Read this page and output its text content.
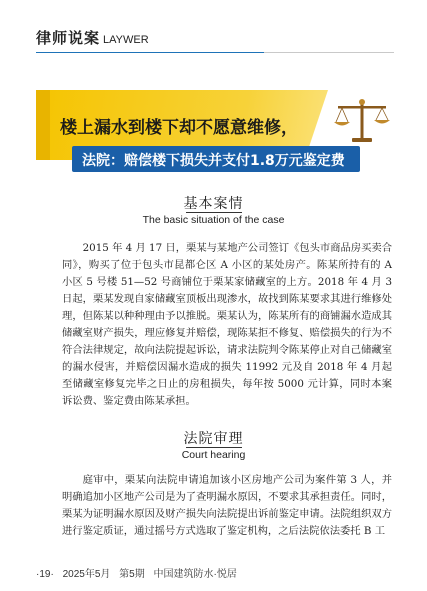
律师说案 LAYWER
楼上漏水到楼下却不愿意维修，
法院：赔偿楼下损失并支付1.8万元鉴定费
基本案情
The basic situation of the case

2015 年 4 月 17 日，栗某与某地产公司签订《包头市商品房买卖合同》，购买了位于包头市昆都仑区 A 小区的某处房产。陈某所持有的 A 小区 5 号楼 51—52 号商铺位于栗某家储藏室的上方。2018 年 4 月 3 日起，栗某发现自家储藏室顶板出现渗水，故找到陈某要求其进行维修处理，但陈某以种种理由予以推脱。栗某认为，陈某所有的商铺漏水造成其储藏室财产损失，理应修复并赔偿，现陈某拒不修复、赔偿损失的行为不符合法律规定，故向法院提起诉讼，请求法院判令陈某停止对自己储藏室的漏水侵害，并赔偿因漏水造成的损失 11992 元及自 2018 年 4 月起至储藏室修复完毕之日止的房租损失，每年按 5000 元计算，同时本案诉讼费、鉴定费由陈某承担。

法院审理
Court hearing

庭审中，栗某向法院申请追加该小区房地产公司为案件第 3 人，并明确追加小区地产公司是为了查明漏水原因，不要求其承担责任。同时，栗某为证明漏水原因及财产损失向法院提出诉前鉴定申请。法院组织双方进行鉴定质证，通过摇号方式选取了鉴定机构，之后法院依法委托 B 工

·19· 2025年5月 第5期 中国建筑防水·悦居
